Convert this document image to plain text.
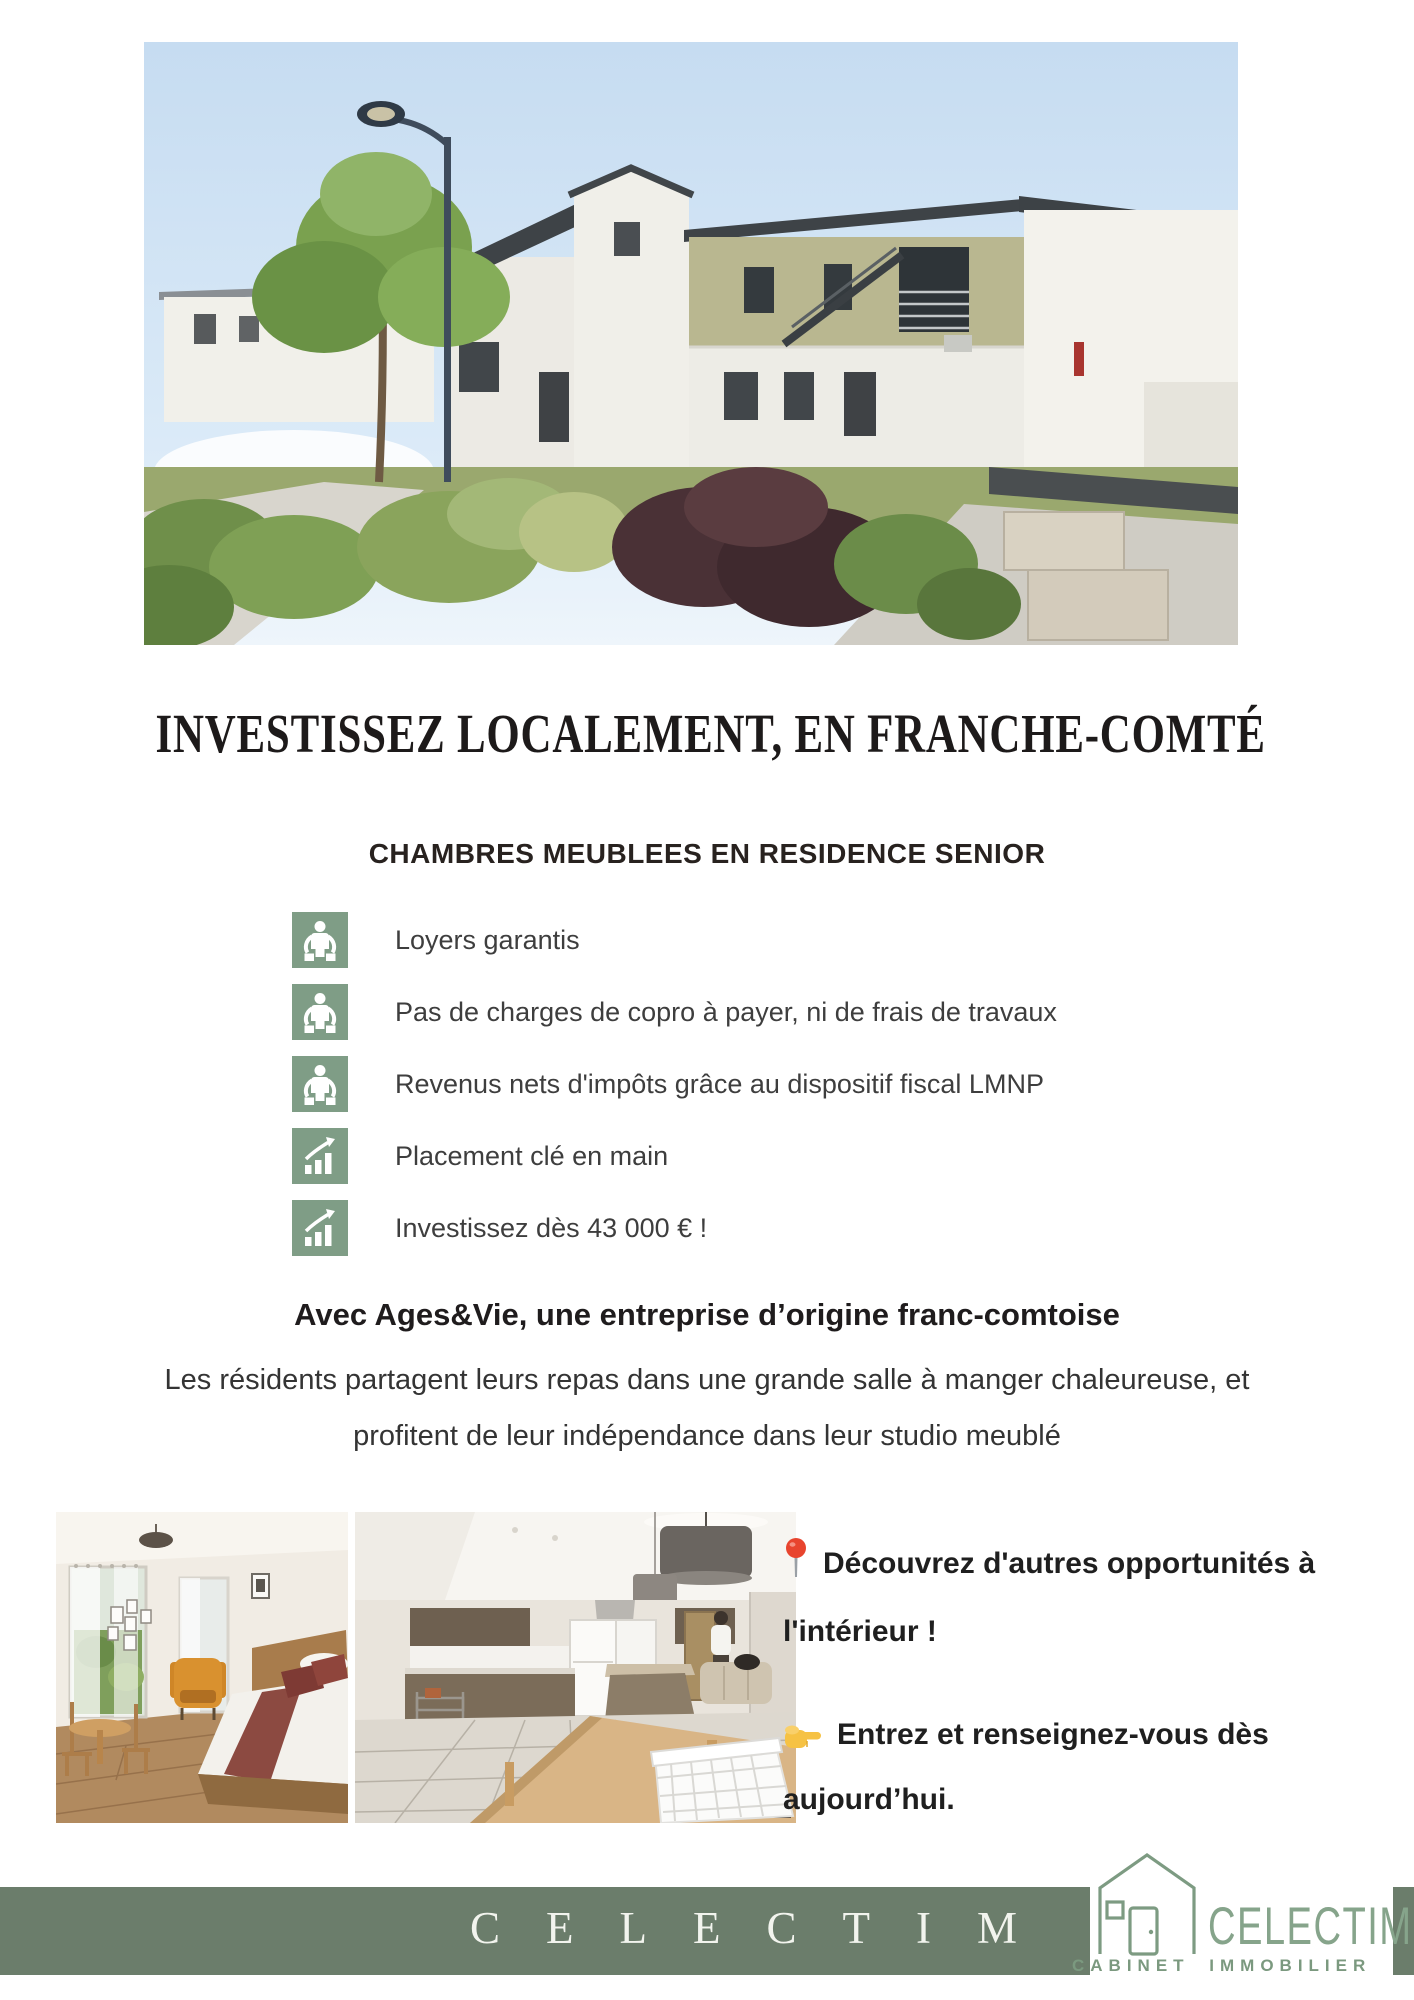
INVESTISSEZ LOCALEMENT, EN FRANCHE-COMTÉ
CHAMBRES MEUBLEES EN RESIDENCE SENIOR
Loyers garantis
Pas de charges de copro à payer, ni de frais de travaux
Revenus nets d'impôts grâce au dispositif fiscal LMNP
Placement clé en main
Investissez dès 43 000 € !
Avec Ages&Vie, une entreprise d’origine franc-comtoise
Les résidents partagent leurs repas dans une grande salle à manger chaleureuse, et
profitent de leur indépendance dans leur studio meublé
Découvrez d'autres opportunités à
l'intérieur !
Entrez et renseignez-vous dès
aujourd’hui.

CELECTIM	CELECTIM

CABINET IMMOBILIER
